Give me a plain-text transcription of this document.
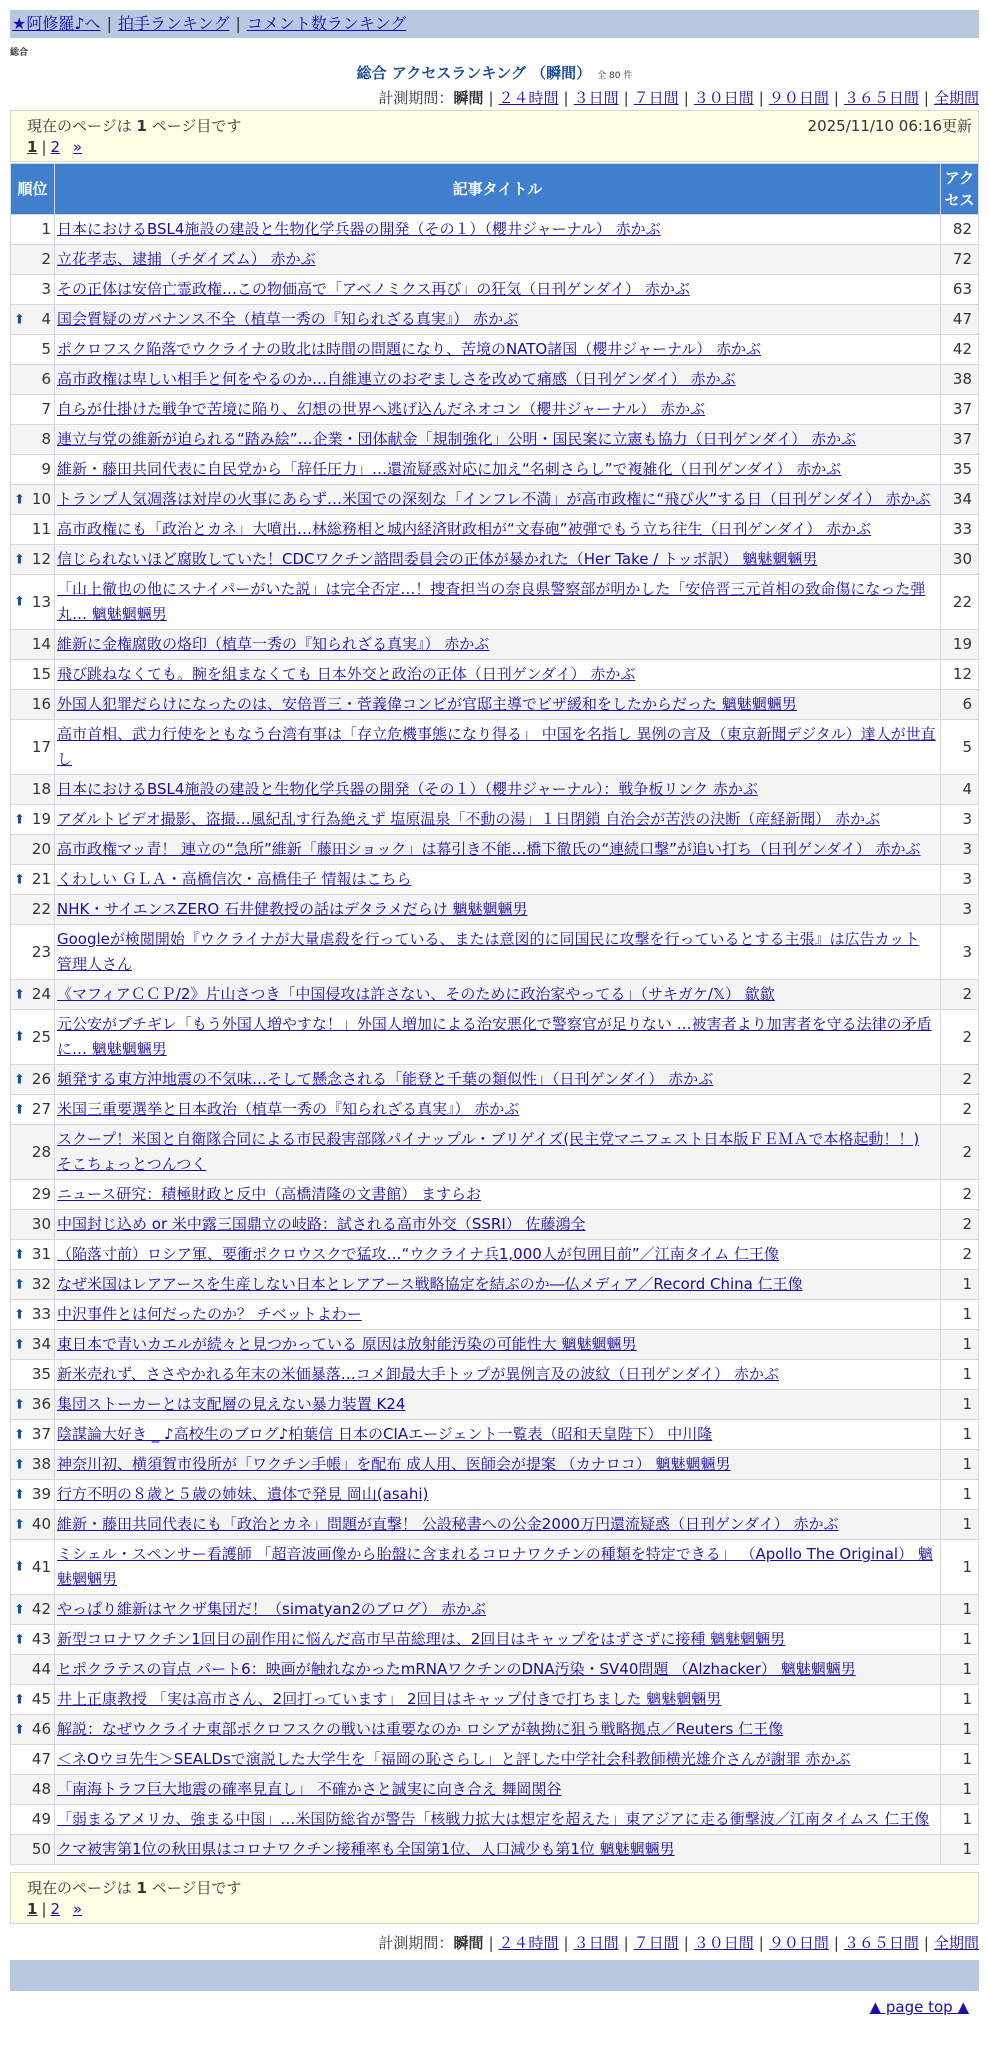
★阿修羅♪へ | 拍手ランキング | コメント数ランキング
総合
総合 アクセスランキング （瞬間） 全 80 件
計測期間：瞬間 | ２４時間 | ３日間 | ７日間 | ３０日間 | ９０日間 | ３６５日間 | 全期間
現在のページは 1 ページ目です	2025/11/10 06:16更新
1 | 2 »
順位	記事タイトル	アクセス
1	日本におけるBSL4施設の建設と生物化学兵器の開発（その１）（櫻井ジャーナル） 赤かぶ	82
2	立花孝志、逮捕（チダイズム） 赤かぶ	72
3	その正体は安倍亡霊政権…この物価高で「アベノミクス再び」の狂気（日刊ゲンダイ） 赤かぶ	63

⬆ 4	国会質疑のガバナンス不全（植草一秀の『知られざる真実』） 赤かぶ	47
5	ポクロフスク陥落でウクライナの敗北は時間の問題になり、苦境のNATO諸国（櫻井ジャーナル） 赤かぶ	42
6	高市政権は卑しい相手と何をやるのか…自維連立のおぞましさを改めて痛感（日刊ゲンダイ） 赤かぶ	38
7	自らが仕掛けた戦争で苦境に陥り、幻想の世界へ逃げ込んだネオコン（櫻井ジャーナル） 赤かぶ	37
8	連立与党の維新が迫られる“踏み絵”…企業・団体献金「規制強化」公明・国民案に立憲も協力（日刊ゲンダイ） 赤かぶ	37
9	維新・藤田共同代表に自民党から「辞任圧力」…還流疑惑対応に加え“名刺さらし”で複雑化（日刊ゲンダイ） 赤かぶ	35

⬆ 10	トランプ人気凋落は対岸の火事にあらず…米国での深刻な「インフレ不満」が高市政権に“飛び火”する日（日刊ゲンダイ） 赤かぶ	34
11	高市政権にも「政治とカネ」大噴出…林総務相と城内経済財政相が“文春砲”被弾でもう立ち往生（日刊ゲンダイ） 赤かぶ	33

⬆ 12	信じられないほど腐敗していた！CDCワクチン諮問委員会の正体が暴かれた（Her Take / トッポ訳） 魑魅魍魎男	30

⬆ 13	「山上徹也の他にスナイパーがいた説」は完全否定…！捜査担当の奈良県警察部が明かした「安倍晋三元首相の致命傷になった弾丸… 魑魅魍魎男	22
14	維新に金権腐敗の烙印（植草一秀の『知られざる真実』） 赤かぶ	19
15	飛び跳ねなくても。腕を組まなくても 日本外交と政治の正体（日刊ゲンダイ） 赤かぶ	12
16	外国人犯罪だらけになったのは、安倍晋三・菅義偉コンビが官邸主導でビザ緩和をしたからだった 魑魅魍魎男	6
17	高市首相、武力行使をともなう台湾有事は「存立危機事態になり得る」 中国を名指し 異例の言及（東京新聞デジタル）達人が世直し	5
18	日本におけるBSL4施設の建設と生物化学兵器の開発（その１）（櫻井ジャーナル）：戦争板リンク 赤かぶ	4

⬆ 19	アダルトビデオ撮影、盗撮…風紀乱す行為絶えず 塩原温泉「不動の湯」１日閉鎖 自治会が苦渋の決断（産経新聞） 赤かぶ	3
20	高市政権マッ青！ 連立の“急所”維新「藤田ショック」は幕引き不能…橋下徹氏の“連続口撃”が追い打ち（日刊ゲンダイ） 赤かぶ	3

⬆ 21	くわしい ＧＬＡ・高橋信次・高橋佳子 情報はこちら	3
22	NHK・サイエンスZERO 石井健教授の話はデタラメだらけ 魑魅魍魎男	3
23	Googleが検閲開始『ウクライナが大量虐殺を行っている、または意図的に同国民に攻撃を行っているとする主張』は広告カット 管理人さん	3

⬆ 24	《マフィアＣＣＰ/2》片山さつき「中国侵攻は許さない、そのために政治家やってる」（サキガケ/𝕏） 歙歙	2

⬆ 25	元公安がブチギレ「もう外国人増やすな！」外国人増加による治安悪化で警察官が足りない …被害者より加害者を守る法律の矛盾に… 魑魅魍魎男	2

⬆ 26	頻発する東方沖地震の不気味…そして懸念される「能登と千葉の類似性」（日刊ゲンダイ） 赤かぶ	2

⬆ 27	米国三重要選挙と日本政治（植草一秀の『知られざる真実』） 赤かぶ	2
28	スクープ！米国と自衛隊合同による市民殺害部隊パイナップル・ブリゲイズ(民主党マニフェスト日本版ＦＥＭＡで本格起動！！) そこちょっとつんつく	2
29	ニュース研究：積極財政と反中（高橋清隆の文書館） ますらお	2
30	中国封じ込め or 米中露三国鼎立の岐路：試される高市外交（SSRI） 佐藤鴻全	2

⬆ 31	（陥落寸前）ロシア軍、要衝ポクロウスクで猛攻…“ウクライナ兵1,000人が包囲目前”／江南タイム 仁王像	2

⬆ 32	なぜ米国はレアアースを生産しない日本とレアアース戦略協定を結ぶのか―仏メディア／Record China 仁王像	1

⬆ 33	中沢事件とは何だったのか？ チベットよわー	1

⬆ 34	東日本で青いカエルが続々と見つかっている 原因は放射能汚染の可能性大 魑魅魍魎男	1
35	新米売れず、ささやかれる年末の米価暴落…コメ卸最大手トップが異例言及の波紋（日刊ゲンダイ） 赤かぶ	1

⬆ 36	集団ストーカーとは支配層の見えない暴力装置 K24	1

⬆ 37	陰謀論大好き _ ♪高校生のブログ♪柏葉信 日本のCIAエージェント一覧表（昭和天皇陛下） 中川隆	1

⬆ 38	神奈川初、横須賀市役所が「ワクチン手帳」を配布 成人用、医師会が提案 （カナロコ） 魑魅魍魎男	1

⬆ 39	行方不明の８歳と５歳の姉妹、遺体で発見 岡山(asahi)	1

⬆ 40	維新・藤田共同代表にも「政治とカネ」問題が直撃！ 公設秘書への公金2000万円還流疑惑（日刊ゲンダイ） 赤かぶ	1

⬆ 41	ミシェル・スペンサー看護師 「超音波画像から胎盤に含まれるコロナワクチンの種類を特定できる」 （Apollo The Original） 魑魅魍魎男	1

⬆ 42	やっぱり維新はヤクザ集団だ！（simatyan2のブログ） 赤かぶ	1

⬆ 43	新型コロナワクチン1回目の副作用に悩んだ高市早苗総理は、2回目はキャップをはずさずに接種 魑魅魍魎男	1
44	ヒポクラテスの盲点 パート6：映画が触れなかったmRNAワクチンのDNA汚染・SV40問題 （Alzhacker） 魑魅魍魎男	1

⬆ 45	井上正康教授 「実は高市さん、2回打っています」 2回目はキャップ付きで打ちました 魑魅魍魎男	1

⬆ 46	解説：なぜウクライナ東部ポクロフスクの戦いは重要なのか ロシアが執拗に狙う戦略拠点／Reuters 仁王像	1
47	＜ネOウヨ先生＞SEALDsで演説した大学生を「福岡の恥さらし」と評した中学社会科教師横光雄介さんが謝罪 赤かぶ	1
48	「南海トラフ巨大地震の確率見直し」 不確かさと誠実に向き合え 舞岡関谷	1
49	「弱まるアメリカ、強まる中国」…米国防総省が警告「核戦力拡大は想定を超えた」東アジアに走る衝撃波／江南タイムス 仁王像	1
50	クマ被害第1位の秋田県はコロナワクチン接種率も全国第1位、人口減少も第1位 魑魅魍魎男	1
現在のページは 1 ページ目です
1 | 2 »
計測期間：瞬間 | ２４時間 | ３日間 | ７日間 | ３０日間 | ９０日間 | ３６５日間 | 全期間
▲ page top ▲
